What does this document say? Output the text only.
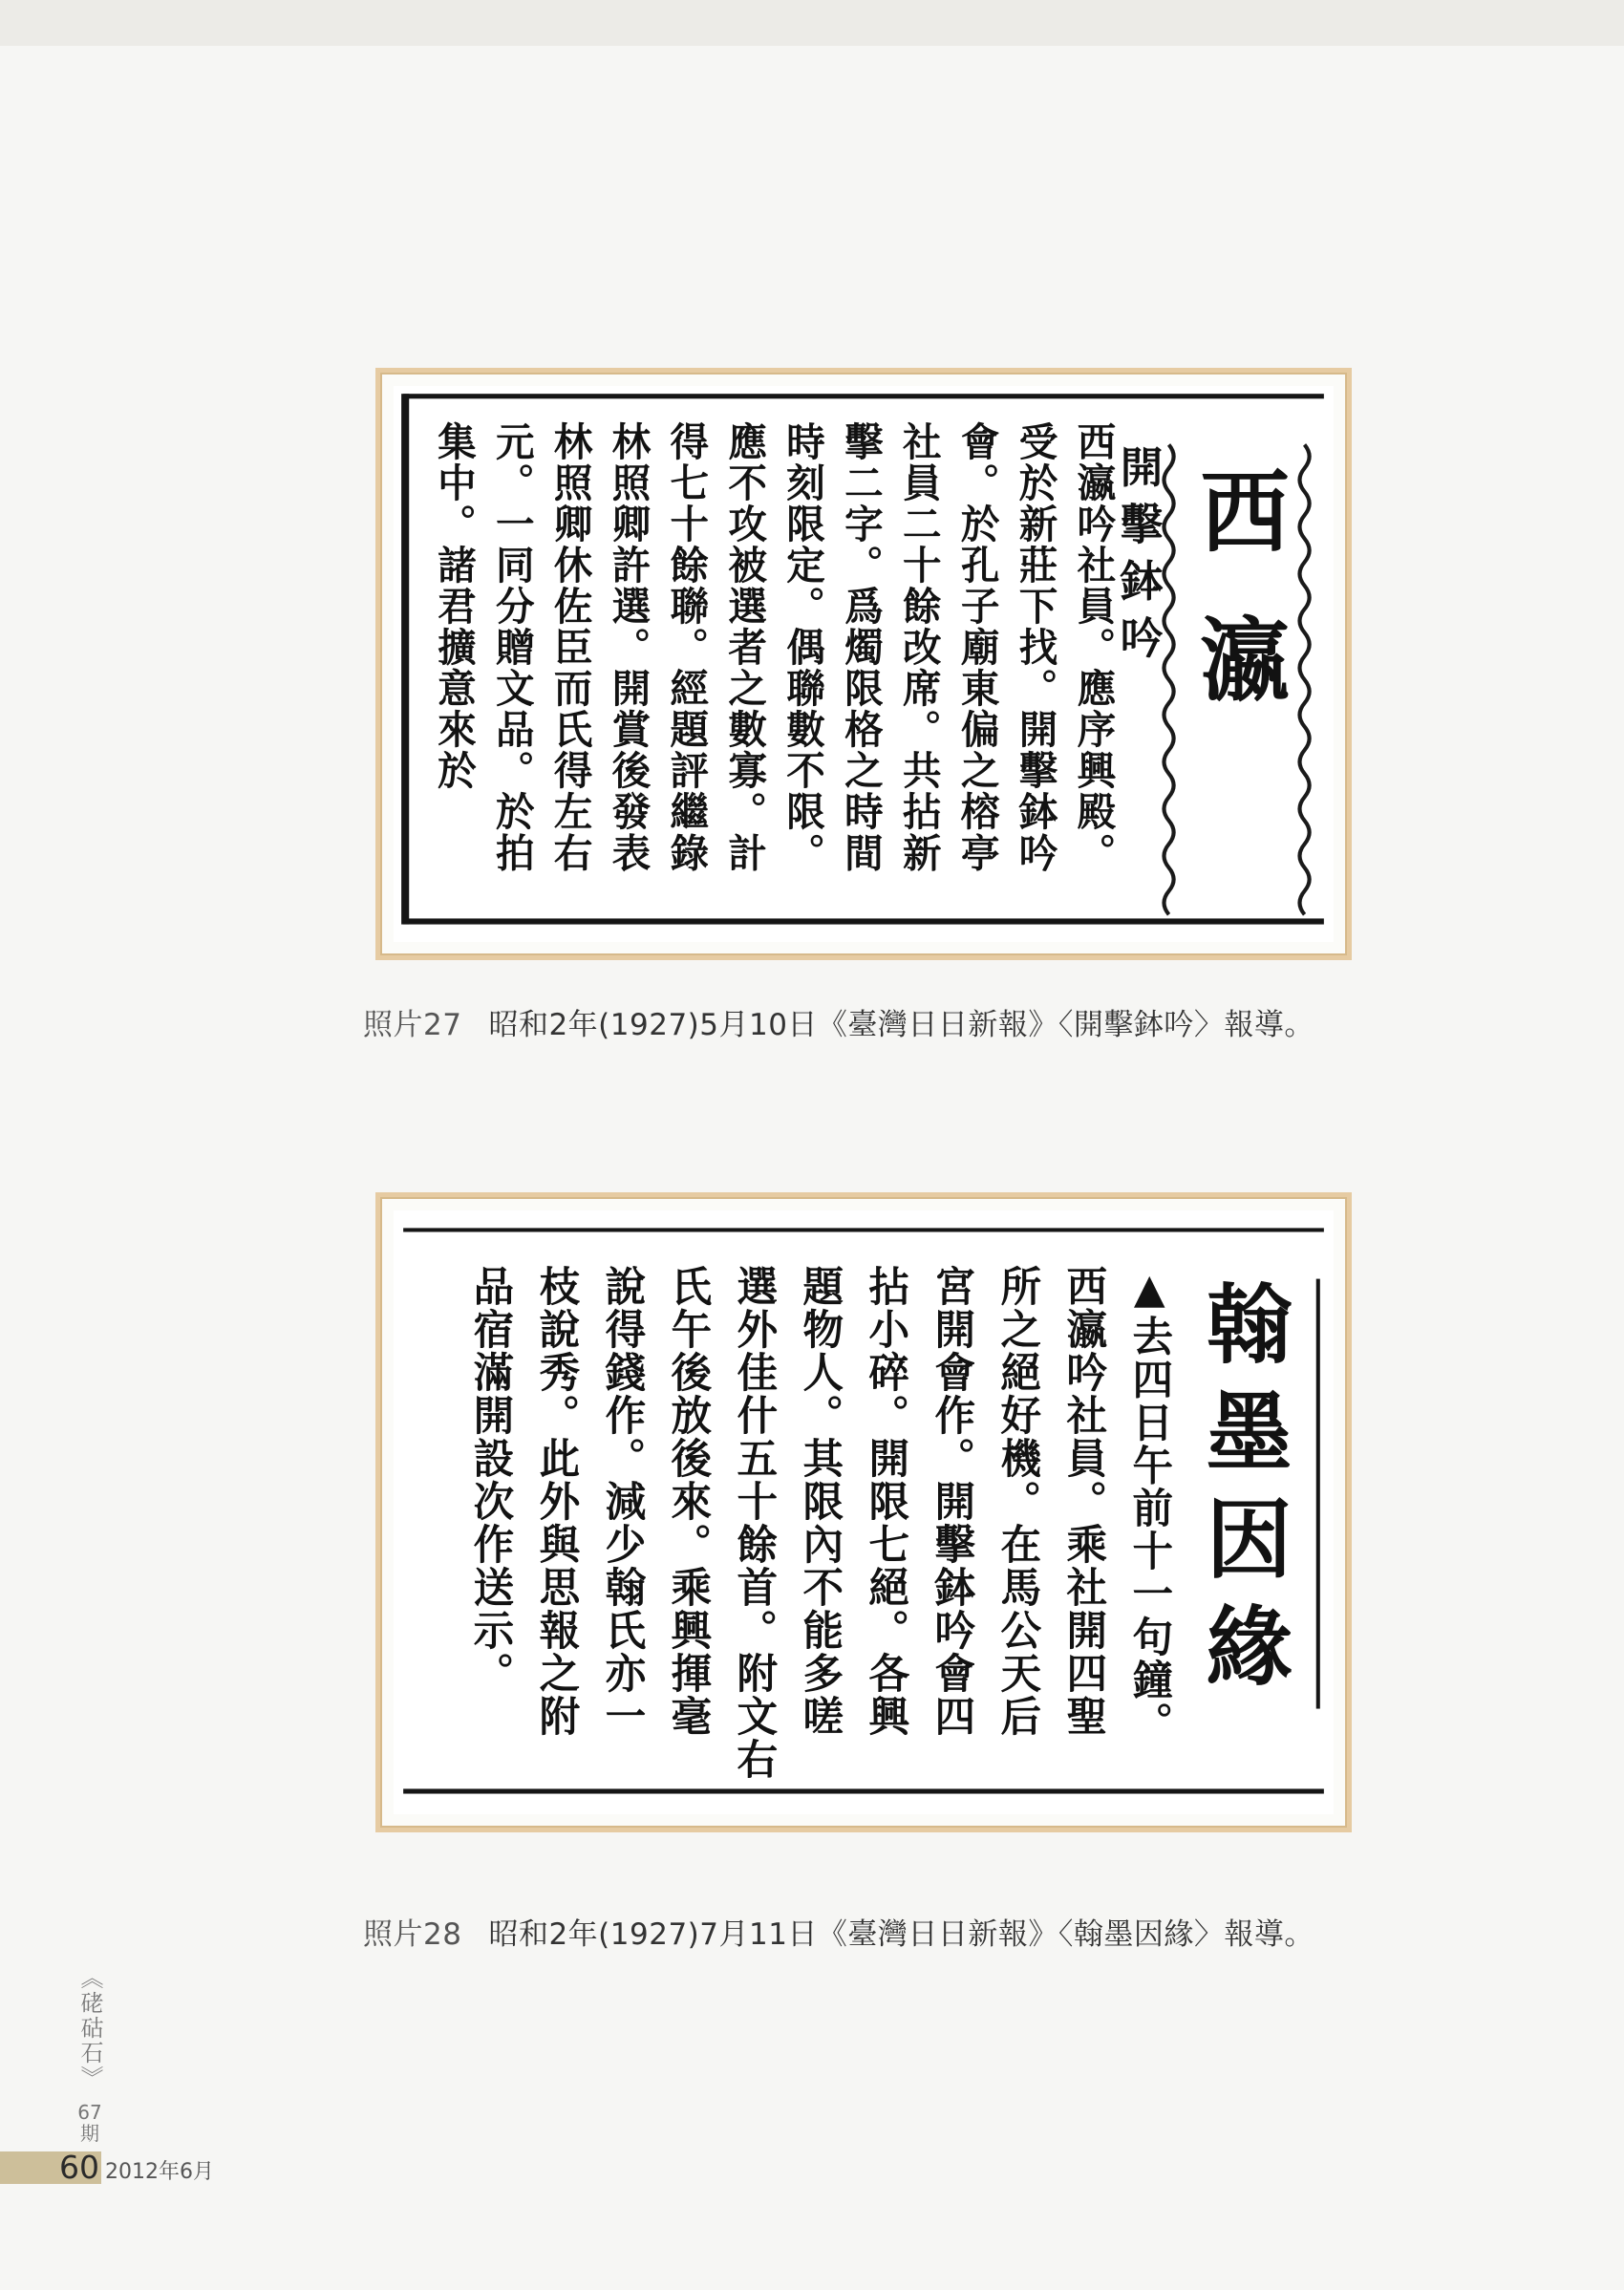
西瀛
開擊鉢吟
西瀛吟社員。應序興殿。
受於新莊下找。開擊鉢吟
會。於孔子廟東偏之榕亭
社員二十餘改席。共拈新
擊二字。爲燭限格之時間
時刻限定。偶聯數不限。
應不攻被選者之數寡。計
得七十餘聯。經題評繼錄
林照卿許選。開賞後發表
林照卿休佐臣而氏得左右
元。一同分贈文品。於拍
集中。諸君擴意來於
照片27 昭和2年(1927)5月10日《臺灣日日新報》〈開擊鉢吟〉報導。
翰墨因緣
▲去四日午前十一句鐘。
西瀛吟社員。乘社開四聖
所之絕好機。在馬公天后
宮開會作。開擊鉢吟會四
拈小碎。開限七絕。各興
題物人。其限內不能多嗟
選外佳什五十餘首。附文右
氏午後放後來。乘興揮毫
說得錢作。減少翰氏亦一
枝說秀。此外與思報之附
品宿滿開設次作送示。
照片28 昭和2年(1927)7月11日《臺灣日日新報》〈翰墨因緣〉報導。
《硓𥑮石》
67期
60 2012年6月
